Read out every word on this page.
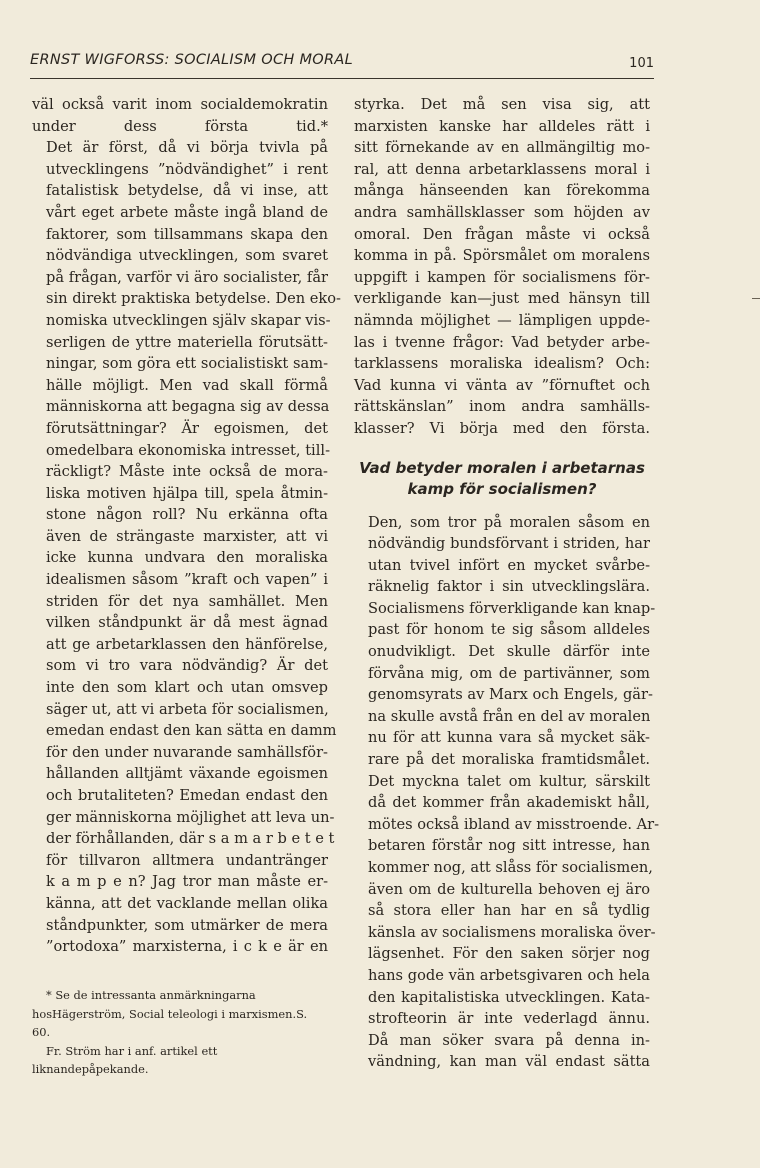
ERNST WIGFORSS: SOCIALISM OCH MORAL	101

väl också varit inom socialdemokratin
under dess första tid.*

Det är först, då vi börja tvivla på
utvecklingens ”nödvändighet” i rent
fatalistisk betydelse, då vi inse, att
vårt eget arbete måste ingå bland de
faktorer, som tillsammans skapa den
nödvändiga utvecklingen, som svaret
på frågan, varför vi äro socialister, får
sin direkt praktiska betydelse. Den eko-
nomiska utvecklingen själv skapar vis-
serligen de yttre materiella förutsätt-
ningar, som göra ett socialistiskt sam-
hälle möjligt. Men vad skall förmå
människorna att begagna sig av dessa
förutsättningar? Är egoismen, det
omedelbara ekonomiska intresset, till-
räckligt? Måste inte också de mora-
liska motiven hjälpa till, spela åtmin-
stone någon roll? Nu erkänna ofta
även de strängaste marxister, att vi
icke kunna undvara den moraliska
idealismen såsom ”kraft och vapen” i
striden för det nya samhället. Men
vilken ståndpunkt är då mest ägnad
att ge arbetarklassen den hänförelse,
som vi tro vara nödvändig? Är det
inte den som klart och utan omsvep
säger ut, att vi arbeta för socialismen,
emedan endast den kan sätta en damm
för den under nuvarande samhällsför-
hållanden alltjämt växande egoismen
och brutaliteten? Emedan endast den
ger människorna möjlighet att leva un-
der förhållanden, där s a m a r b e t e t
för tillvaron alltmera undantränger
k a m p e n? Jag tror man måste er-
känna, att det vacklande mellan olika
ståndpunkter, som utmärker de mera
”ortodoxa” marxisterna, i c k e är en

* Se de intressanta anmärkningarna hosHägerström, Social teleologi i marxismen.S. 60.

Fr. Ström har i anf. artikel ett liknandepåpekande.

styrka. Det må sen visa sig, att
marxisten kanske har alldeles rätt i
sitt förnekande av en allmängiltig mo-
ral, att denna arbetarklassens moral i
många hänseenden kan förekomma
andra samhällsklasser som höjden av
omoral. Den frågan måste vi också
komma in på. Spörsmålet om moralens
uppgift i kampen för socialismens för-
verkligande kan—just med hänsyn till
nämnda möjlighet — lämpligen uppde-
las i tvenne frågor: Vad betyder arbe-
tarklassens moraliska idealism? Och:
Vad kunna vi vänta av ”förnuftet och
rättskänslan” inom andra samhälls-
klasser? Vi börja med den första.

Vad betyder moralen i arbetarnas
kamp för socialismen?

Den, som tror på moralen såsom en
nödvändig bundsförvant i striden, har
utan tvivel infört en mycket svårbe-
räknelig faktor i sin utvecklingslära.
Socialismens förverkligande kan knap-
past för honom te sig såsom alldeles
onudvikligt. Det skulle därför inte
förvåna mig, om de partivänner, som
genomsyrats av Marx och Engels, gär-
na skulle avstå från en del av moralen
nu för att kunna vara så mycket säk-
rare på det moraliska framtidsmålet.
Det myckna talet om kultur, särskilt
då det kommer från akademiskt håll,
mötes också ibland av misstroende. Ar-
betaren förstår nog sitt intresse, han
kommer nog, att slåss för socialismen,
även om de kulturella behoven ej äro
så stora eller han har en så tydlig
känsla av socialismens moraliska över-
lägsenhet. För den saken sörjer nog
hans gode vän arbetsgivaren och hela
den kapitalistiska utvecklingen. Kata-
strofteorin är inte vederlagd ännu.

Då man söker svara på denna in-
vändning, kan man väl endast sätta
